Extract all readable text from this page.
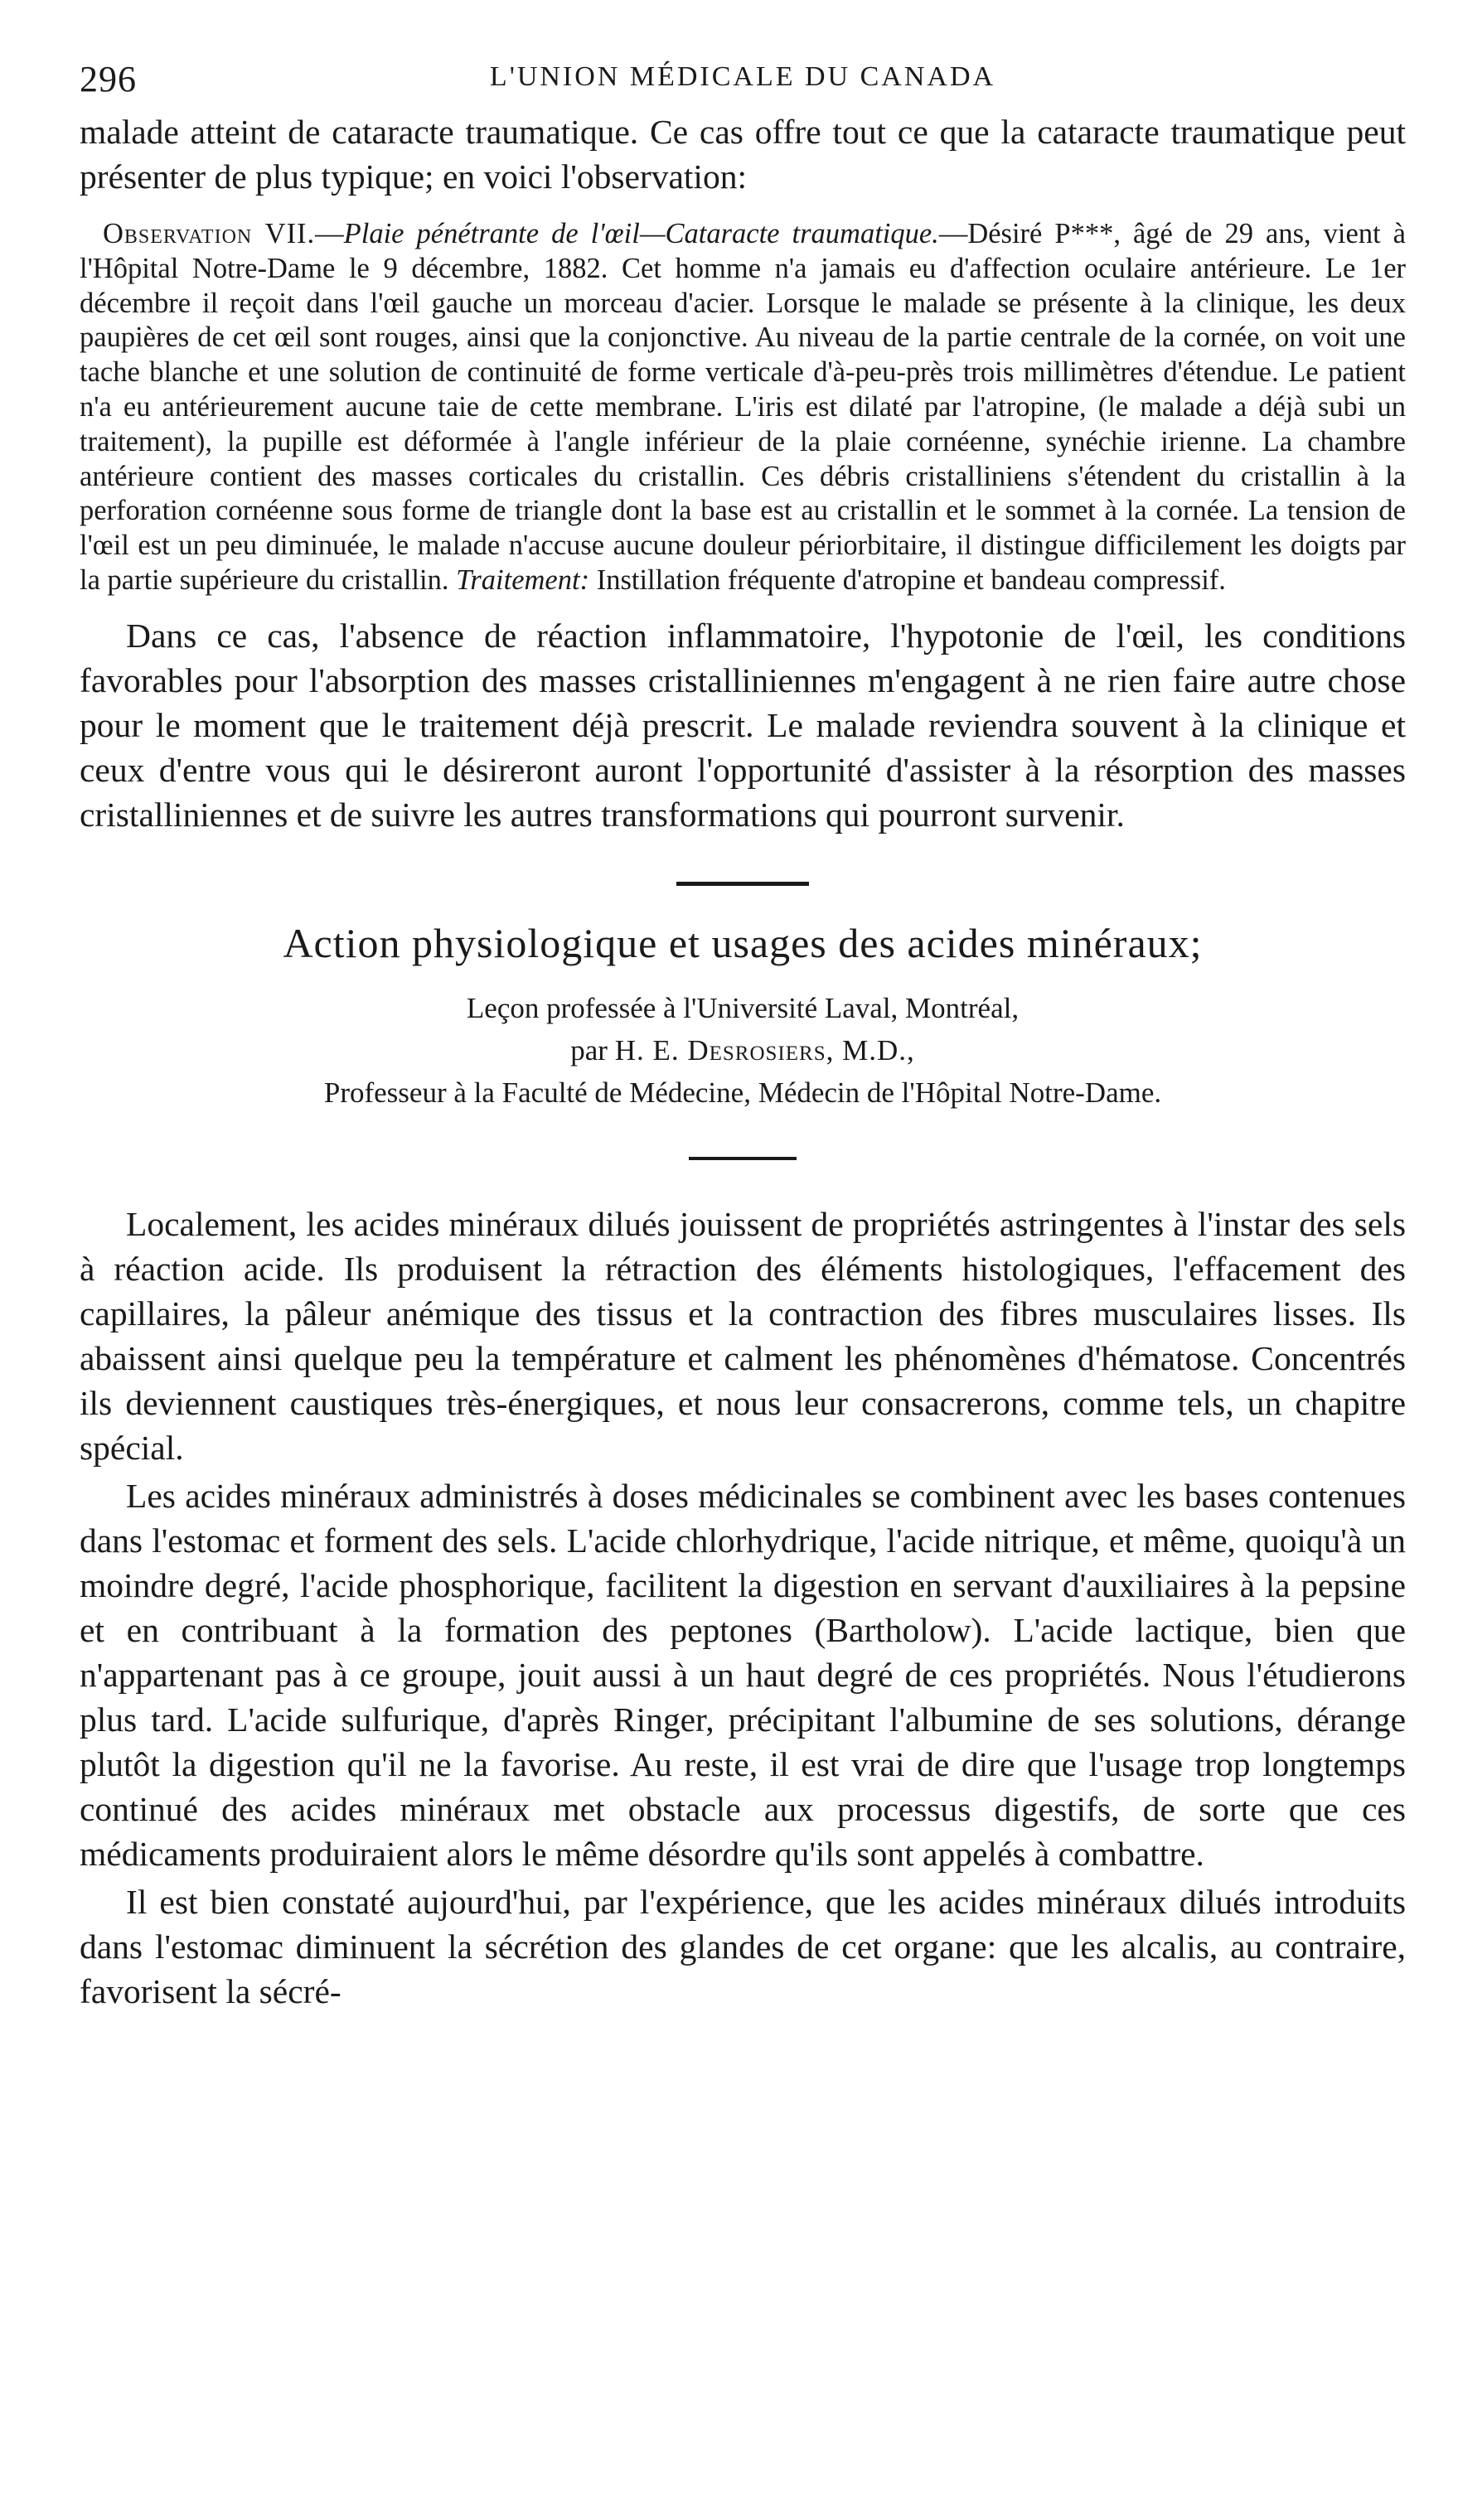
296	L'UNION MÉDICALE DU CANADA

malade atteint de cataracte traumatique. Ce cas offre tout ce que la cataracte traumatique peut présenter de plus typique; en voici l'observation:

Observation VII.—Plaie pénétrante de l'œil—Cataracte traumatique.—Désiré P***, âgé de 29 ans, vient à l'Hôpital Notre-Dame le 9 décembre, 1882. Cet homme n'a jamais eu d'affection oculaire antérieure. Le 1er décembre il reçoit dans l'œil gauche un morceau d'acier. Lorsque le malade se présente à la clinique, les deux paupières de cet œil sont rouges, ainsi que la conjonctive. Au niveau de la partie centrale de la cornée, on voit une tache blanche et une solution de continuité de forme verticale d'à-peu-près trois millimètres d'étendue. Le patient n'a eu antérieurement aucune taie de cette membrane. L'iris est dilaté par l'atropine, (le malade a déjà subi un traitement), la pupille est déformée à l'angle inférieur de la plaie cornéenne, synéchie irienne. La chambre antérieure contient des masses corticales du cristallin. Ces débris cristalliniens s'étendent du cristallin à la perforation cornéenne sous forme de triangle dont la base est au cristallin et le sommet à la cornée. La tension de l'œil est un peu diminuée, le malade n'accuse aucune douleur périorbitaire, il distingue difficilement les doigts par la partie supérieure du cristallin. Traitement: Instillation fréquente d'atropine et bandeau compressif.

Dans ce cas, l'absence de réaction inflammatoire, l'hypotonie de l'œil, les conditions favorables pour l'absorption des masses cristalliniennes m'engagent à ne rien faire autre chose pour le moment que le traitement déjà prescrit. Le malade reviendra souvent à la clinique et ceux d'entre vous qui le désireront auront l'opportunité d'assister à la résorption des masses cristalliniennes et de suivre les autres transformations qui pourront survenir.

Action physiologique et usages des acides minéraux;
Leçon professée à l'Université Laval, Montréal,
par H. E. Desrosiers, M.D.,
Professeur à la Faculté de Médecine, Médecin de l'Hôpital Notre-Dame.

Localement, les acides minéraux dilués jouissent de propriétés astringentes à l'instar des sels à réaction acide. Ils produisent la rétraction des éléments histologiques, l'effacement des capillaires, la pâleur anémique des tissus et la contraction des fibres musculaires lisses. Ils abaissent ainsi quelque peu la température et calment les phénomènes d'hématose. Concentrés ils deviennent caustiques très-énergiques, et nous leur consacrerons, comme tels, un chapitre spécial.

Les acides minéraux administrés à doses médicinales se combinent avec les bases contenues dans l'estomac et forment des sels. L'acide chlorhydrique, l'acide nitrique, et même, quoiqu'à un moindre degré, l'acide phosphorique, facilitent la digestion en servant d'auxiliaires à la pepsine et en contribuant à la formation des peptones (Bartholow). L'acide lactique, bien que n'appartenant pas à ce groupe, jouit aussi à un haut degré de ces propriétés. Nous l'étudierons plus tard. L'acide sulfurique, d'après Ringer, précipitant l'albumine de ses solutions, dérange plutôt la digestion qu'il ne la favorise. Au reste, il est vrai de dire que l'usage trop longtemps continué des acides minéraux met obstacle aux processus digestifs, de sorte que ces médicaments produiraient alors le même désordre qu'ils sont appelés à combattre.

Il est bien constaté aujourd'hui, par l'expérience, que les acides minéraux dilués introduits dans l'estomac diminuent la sécrétion des glandes de cet organe: que les alcalis, au contraire, favorisent la sécré-
